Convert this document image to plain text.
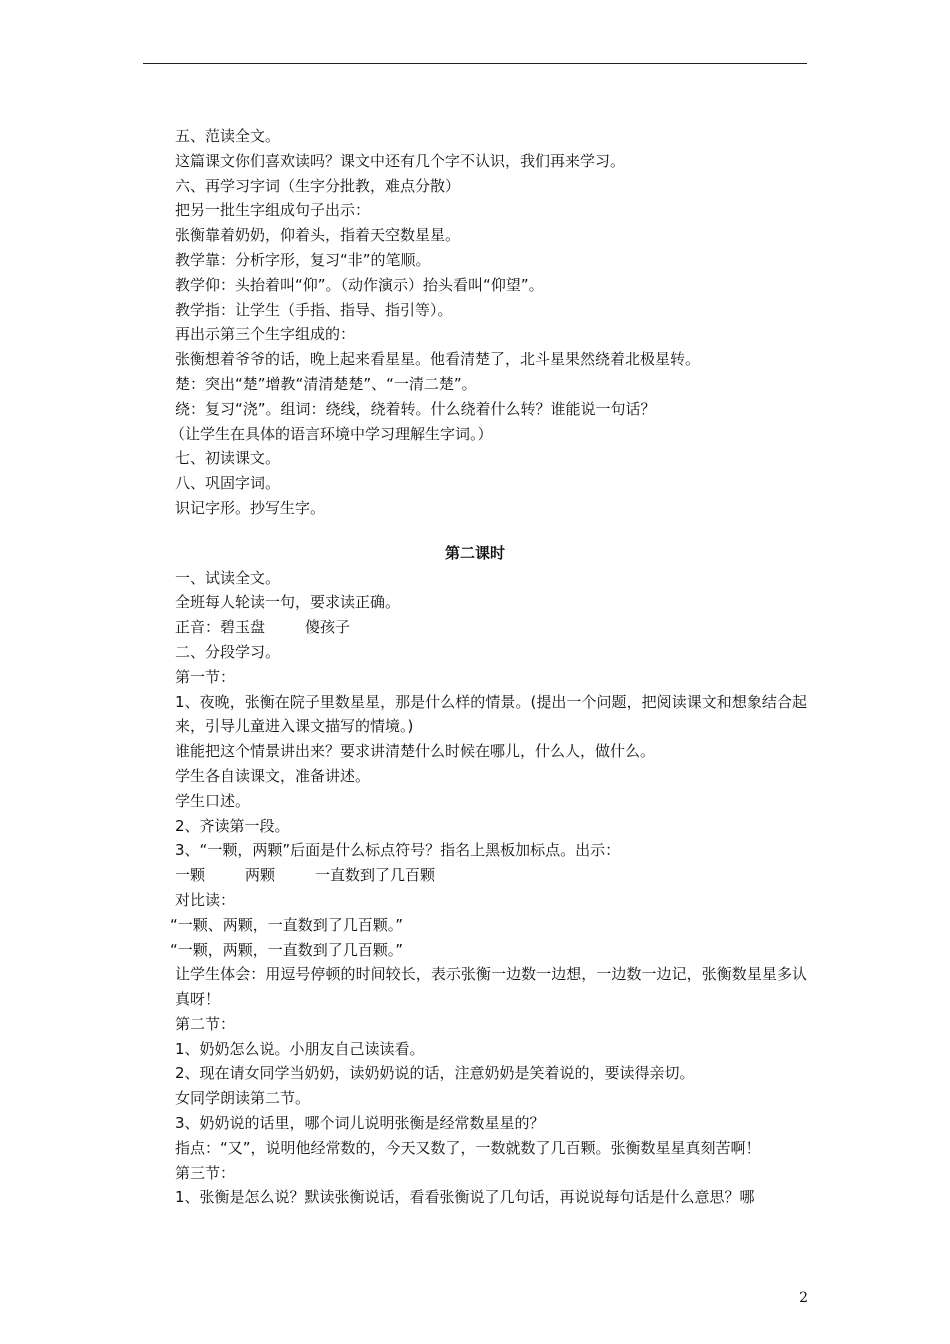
五、范读全文。
这篇课文你们喜欢读吗？课文中还有几个字不认识，我们再来学习。
六、再学习字词（生字分批教，难点分散）
把另一批生字组成句子出示：
张衡靠着奶奶，仰着头，指着天空数星星。
教学靠：分析字形，复习“非”的笔顺。
教学仰：头抬着叫“仰”。（动作演示）抬头看叫“仰望”。
教学指：让学生（手指、指导、指引等）。
再出示第三个生字组成的：
张衡想着爷爷的话，晚上起来看星星。他看清楚了，北斗星果然绕着北极星转。
楚：突出“楚”增教“清清楚楚”、“一清二楚”。
绕：复习“浇”。组词：绕线，绕着转。什么绕着什么转？谁能说一句话？
（让学生在具体的语言环境中学习理解生字词。）
七、初读课文。
八、巩固字词。
识记字形。抄写生字。
第二课时
一、试读全文。
全班每人轮读一句，要求读正确。
正音：碧玉盘	傻孩子
二、分段学习。
第一节：
1、夜晚，张衡在院子里数星星，那是什么样的情景。(提出一个问题，把阅读课文和想象结合起来，引导儿童进入课文描写的情境。)
谁能把这个情景讲出来？要求讲清楚什么时候在哪儿，什么人，做什么。
学生各自读课文，准备讲述。
学生口述。
2、齐读第一段。
3、“一颗，两颗”后面是什么标点符号？指名上黑板加标点。出示：
一颗	两颗	一直数到了几百颗
对比读：
“一颗、两颗，一直数到了几百颗。”
“一颗，两颗，一直数到了几百颗。”
让学生体会：用逗号停顿的时间较长，表示张衡一边数一边想，一边数一边记，张衡数星星多认真呀！
第二节：
1、奶奶怎么说。小朋友自己读读看。
2、现在请女同学当奶奶，读奶奶说的话，注意奶奶是笑着说的，要读得亲切。
女同学朗读第二节。
3、奶奶说的话里，哪个词儿说明张衡是经常数星星的？
指点：“又”，说明他经常数的，今天又数了，一数就数了几百颗。张衡数星星真刻苦啊！
第三节：
1、张衡是怎么说？默读张衡说话，看看张衡说了几句话，再说说每句话是什么意思？哪
2
